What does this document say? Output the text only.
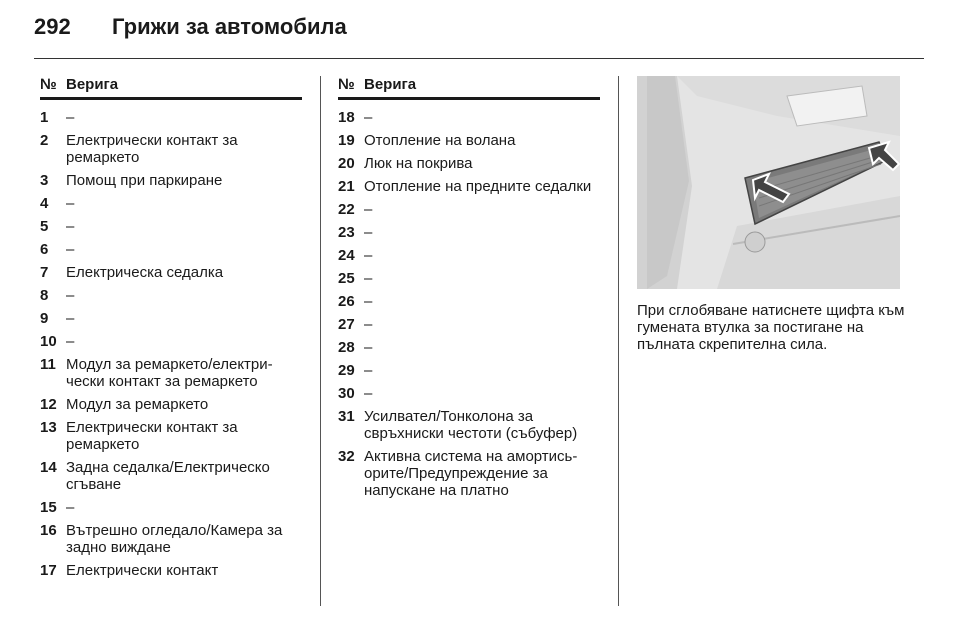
292	Грижи за автомобила
№ Верига
1	–
2	Електрически контакт за ремаркето
3	Помощ при паркиране
4	–
5	–
6	–
7	Електрическа седалка
8	–
9	–
10 –
11 Модул за ремаркето/електри-чески контакт за ремаркето
12 Модул за ремаркето
13 Електрически контакт за ремаркето
14 Задна седалка/Електрическо сгъване
15 –
16 Вътрешно огледало/Камера за задно виждане
17 Електрически контакт
№ Верига
18 –
19 Отопление на волана
20 Люк на покрива
21 Отопление на предните седалки
22 –
23 –
24 –
25 –
26 –
27 –
28 –
29 –
30 –
31 Усилвател/Тонколона за свръхниски честоти (събуфер)
32 Активна система на амортись-орите/Предупреждение за напускане на платно
При сглобяване натиснете щифта към гумената втулка за постигане на пълната скрепителна сила.
